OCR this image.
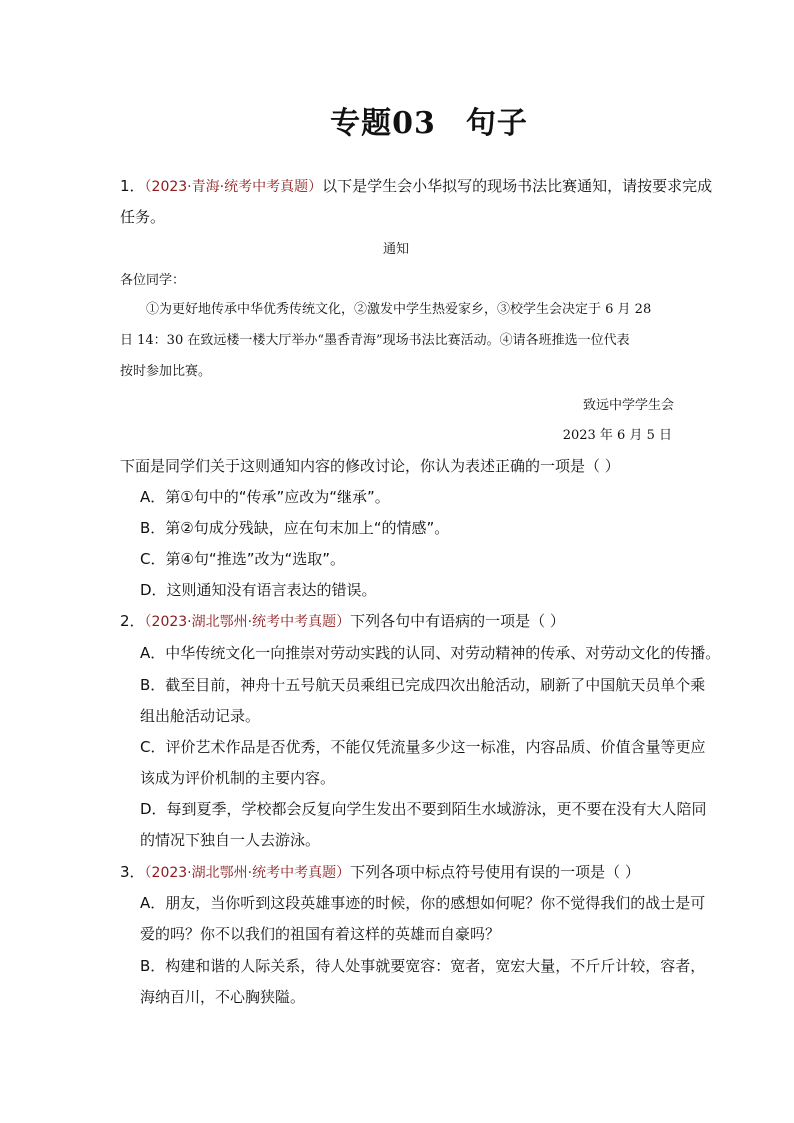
专题03 句子
1．（2023·青海·统考中考真题）以下是学生会小华拟写的现场书法比赛通知，请按要求完成
任务。
通知
各位同学：
①为更好地传承中华优秀传统文化，②激发中学生热爱家乡，③校学生会决定于 6 月 28
日 14：30 在致远楼一楼大厅举办“墨香青海”现场书法比赛活动。④请各班推选一位代表
按时参加比赛。
致远中学学生会
2023 年 6 月 5 日
下面是同学们关于这则通知内容的修改讨论，你认为表述正确的一项是（ ）
A．第①句中的“传承”应改为“继承”。
B．第②句成分残缺，应在句末加上“的情感”。
C．第④句“推选”改为“选取”。
D．这则通知没有语言表达的错误。
2．（2023·湖北鄂州·统考中考真题）下列各句中有语病的一项是（ ）
A．中华传统文化一向推崇对劳动实践的认同、对劳动精神的传承、对劳动文化的传播。
B．截至目前，神舟十五号航天员乘组已完成四次出舱活动，刷新了中国航天员单个乘
组出舱活动记录。
C．评价艺术作品是否优秀，不能仅凭流量多少这一标准，内容品质、价值含量等更应
该成为评价机制的主要内容。
D．每到夏季，学校都会反复向学生发出不要到陌生水域游泳，更不要在没有大人陪同
的情况下独自一人去游泳。
3．（2023·湖北鄂州·统考中考真题）下列各项中标点符号使用有误的一项是（ ）
A．朋友，当你听到这段英雄事迹的时候，你的感想如何呢？你不觉得我们的战士是可
爱的吗？你不以我们的祖国有着这样的英雄而自豪吗？
B．构建和谐的人际关系，待人处事就要宽容：宽者，宽宏大量，不斤斤计较，容者，
海纳百川，不心胸狭隘。
